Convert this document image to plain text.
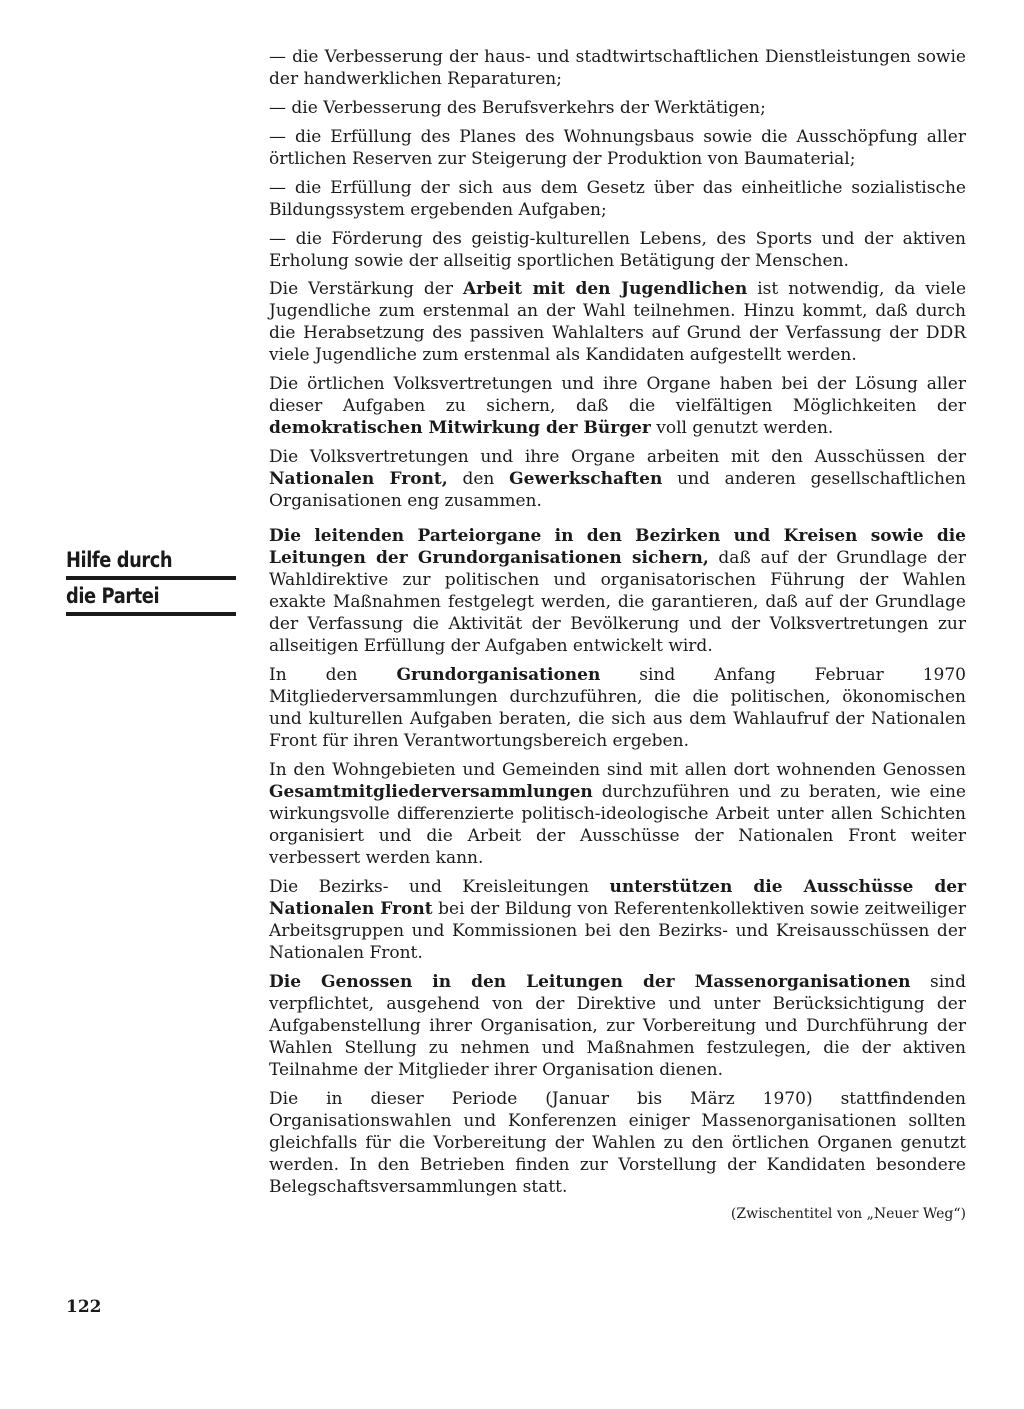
— die Verbesserung der haus- und stadtwirtschaftlichen Dienstleistungen sowie der handwerklichen Reparaturen;

— die Verbesserung des Berufsverkehrs der Werktätigen;

— die Erfüllung des Planes des Wohnungsbaus sowie die Ausschöpfung aller örtlichen Reserven zur Steigerung der Produktion von Baumaterial;

— die Erfüllung der sich aus dem Gesetz über das einheitliche sozialistische Bildungssystem ergebenden Aufgaben;

— die Förderung des geistig-kulturellen Lebens, des Sports und der aktiven Erholung sowie der allseitig sportlichen Betätigung der Menschen.

Die Verstärkung der Arbeit mit den Jugendlichen ist notwendig, da viele Jugendliche zum erstenmal an der Wahl teilnehmen. Hinzu kommt, daß durch die Herabsetzung des passiven Wahlalters auf Grund der Verfassung der DDR viele Jugendliche zum erstenmal als Kandidaten aufgestellt werden.

Die örtlichen Volksvertretungen und ihre Organe haben bei der Lösung aller dieser Aufgaben zu sichern, daß die vielfältigen Möglichkeiten der demokratischen Mitwirkung der Bürger voll genutzt werden.

Die Volksvertretungen und ihre Organe arbeiten mit den Ausschüssen der Nationalen Front, den Gewerkschaften und anderen gesellschaftlichen Organisationen eng zusammen.

Die leitenden Parteiorgane in den Bezirken und Kreisen sowie die Leitungen der Grundorganisationen sichern, daß auf der Grundlage der Wahldirektive zur politischen und organisatorischen Führung der Wahlen exakte Maßnahmen festgelegt werden, die garantieren, daß auf der Grundlage der Verfassung die Aktivität der Bevölkerung und der Volksvertretungen zur allseitigen Erfüllung der Aufgaben entwickelt wird.

In den Grundorganisationen sind Anfang Februar 1970 Mitgliederversammlungen durchzuführen, die die politischen, ökonomischen und kulturellen Aufgaben beraten, die sich aus dem Wahlaufruf der Nationalen Front für ihren Verantwortungsbereich ergeben.

In den Wohngebieten und Gemeinden sind mit allen dort wohnenden Genossen Gesamtmitgliederversammlungen durchzuführen und zu beraten, wie eine wirkungsvolle differenzierte politisch-ideologische Arbeit unter allen Schichten organisiert und die Arbeit der Ausschüsse der Nationalen Front weiter verbessert werden kann.

Die Bezirks- und Kreisleitungen unterstützen die Ausschüsse der Nationalen Front bei der Bildung von Referentenkollektiven sowie zeitweiliger Arbeitsgruppen und Kommissionen bei den Bezirks- und Kreisausschüssen der Nationalen Front.

Die Genossen in den Leitungen der Massenorganisationen sind verpflichtet, ausgehend von der Direktive und unter Berücksichtigung der Aufgabenstellung ihrer Organisation, zur Vorbereitung und Durchführung der Wahlen Stellung zu nehmen und Maßnahmen festzulegen, die der aktiven Teilnahme der Mitglieder ihrer Organisation dienen.

Die in dieser Periode (Januar bis März 1970) stattfindenden Organisationswahlen und Konferenzen einiger Massenorganisationen sollten gleichfalls für die Vorbereitung der Wahlen zu den örtlichen Organen genutzt werden. In den Betrieben finden zur Vorstellung der Kandidaten besondere Belegschaftsversammlungen statt.

(Zwischentitel von „Neuer Weg“)
Hilfe durch
die Partei
122
